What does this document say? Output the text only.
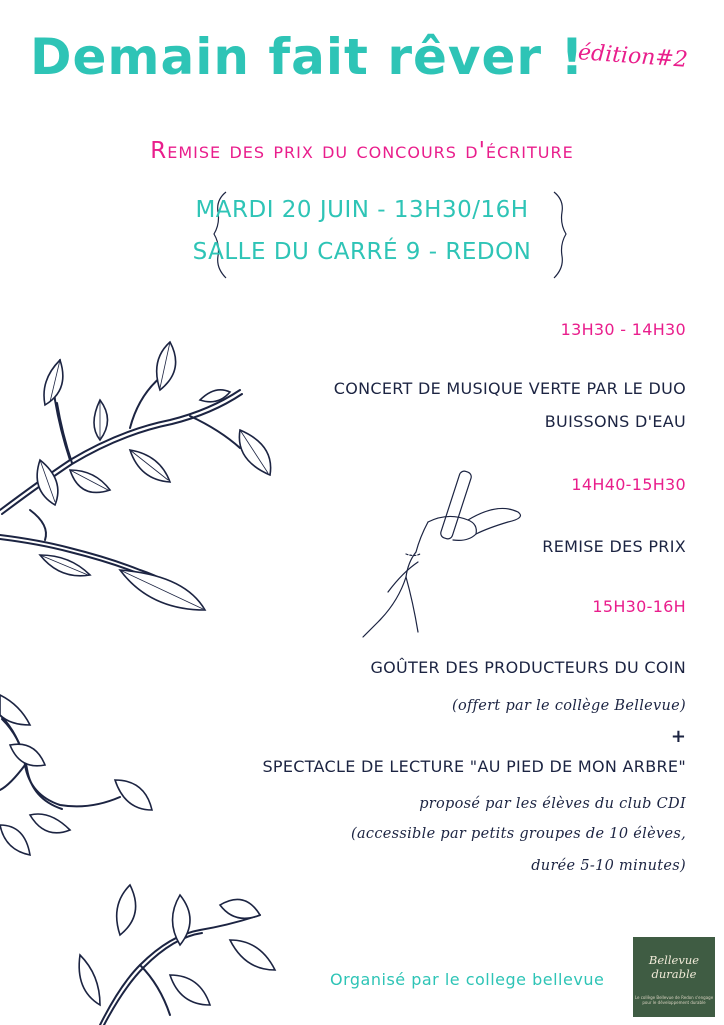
Demain fait rêver !
édition#2
Remise des prix du concours d'écriture
MARDI 20 JUIN - 13H30/16H
SALLE DU CARRÉ 9 - REDON
13H30 - 14H30
CONCERT DE MUSIQUE VERTE PAR LE DUO
BUISSONS D'EAU
14H40-15H30
REMISE DES PRIX
15H30-16H
GOÛTER DES PRODUCTEURS DU COIN
(offert par le collège Bellevue)
+
SPECTACLE DE LECTURE "AU PIED DE MON ARBRE"
proposé par les élèves du club CDI
(accessible par petits groupes de 10 élèves,
durée 5-10 minutes)
Organisé par le college bellevue
Bellevue
durable
Le collège Bellevue de Redon s'engage pour le développement durable
